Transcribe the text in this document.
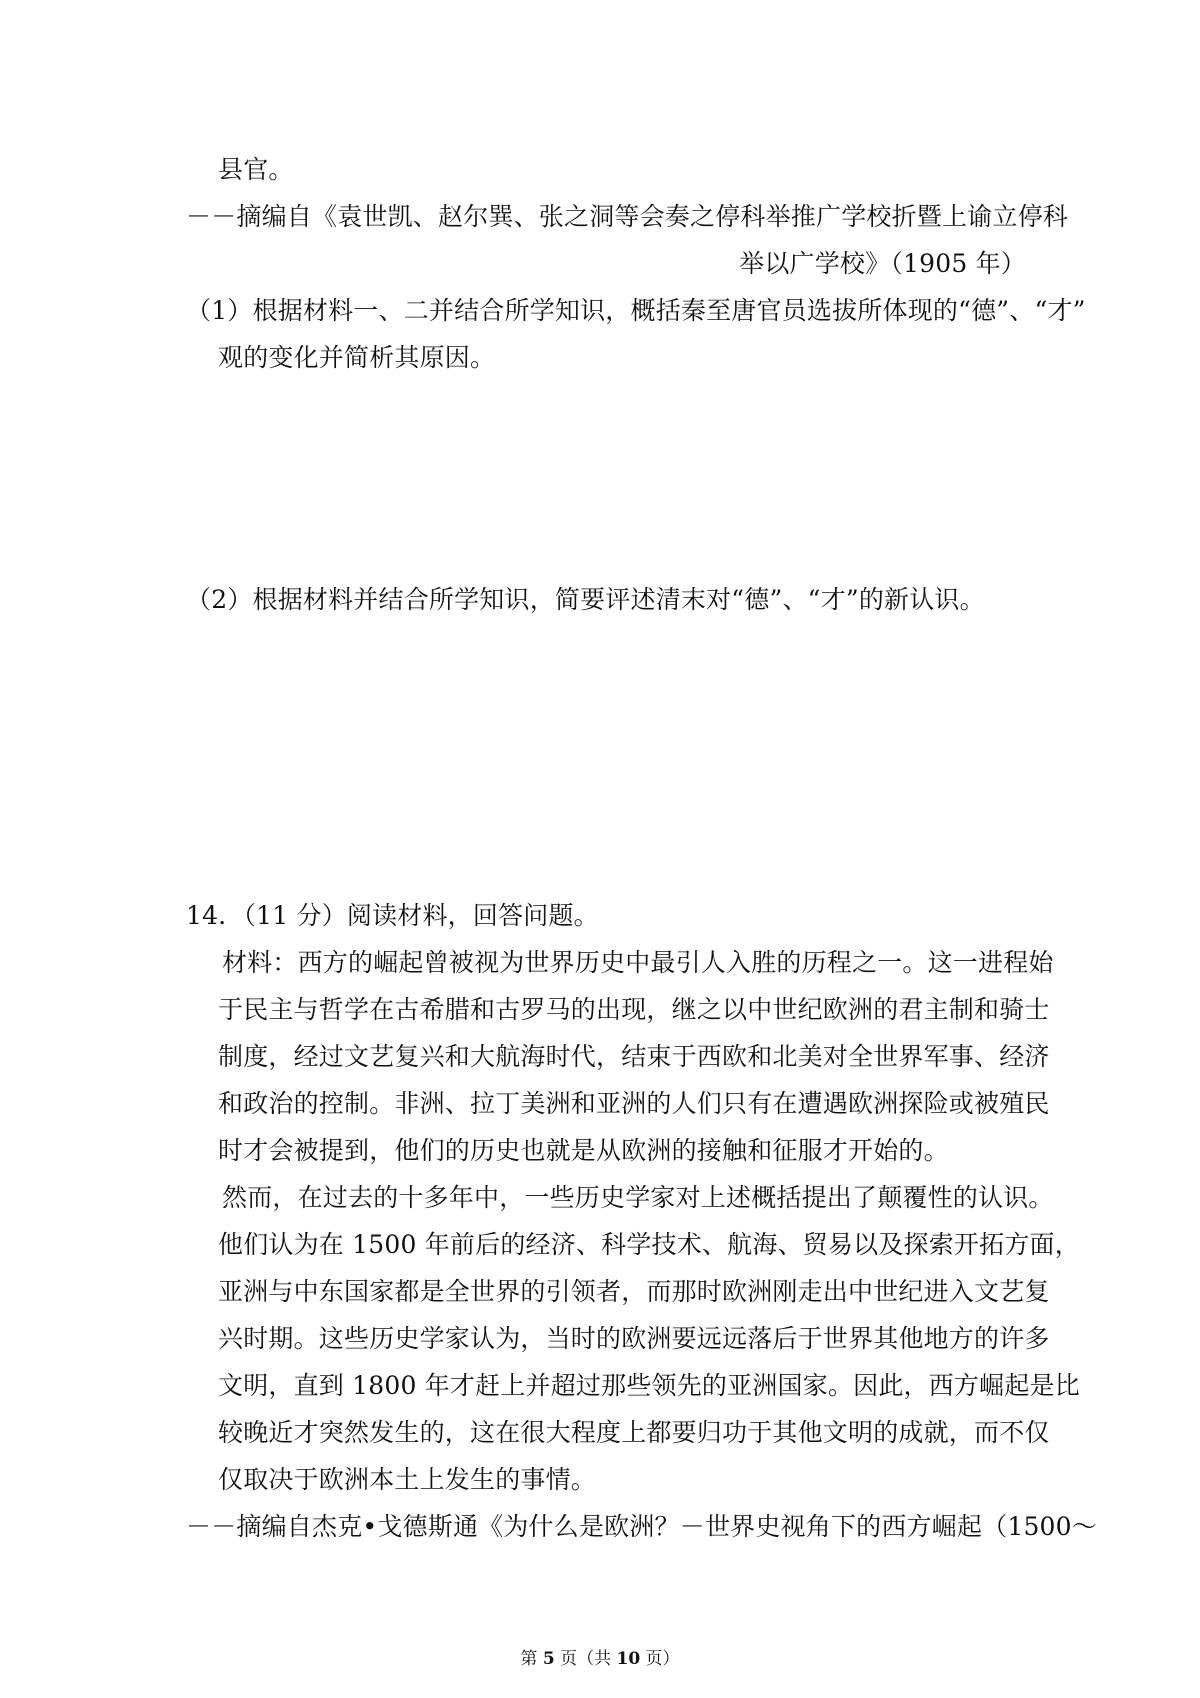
县官。
－－摘编自《袁世凯、赵尔巽、张之洞等会奏之停科举推广学校折暨上谕立停科
举以广学校》（1905 年）
（1）根据材料一、二并结合所学知识，概括秦至唐官员选拔所体现的“德”、“才”
观的变化并简析其原因。
（2）根据材料并结合所学知识，简要评述清末对“德”、“才”的新认识。
14．（11 分）阅读材料，回答问题。
材料：西方的崛起曾被视为世界历史中最引人入胜的历程之一。这一进程始
于民主与哲学在古希腊和古罗马的出现，继之以中世纪欧洲的君主制和骑士
制度，经过文艺复兴和大航海时代，结束于西欧和北美对全世界军事、经济
和政治的控制。非洲、拉丁美洲和亚洲的人们只有在遭遇欧洲探险或被殖民
时才会被提到，他们的历史也就是从欧洲的接触和征服才开始的。
然而，在过去的十多年中，一些历史学家对上述概括提出了颠覆性的认识。
他们认为在 1500 年前后的经济、科学技术、航海、贸易以及探索开拓方面，
亚洲与中东国家都是全世界的引领者，而那时欧洲刚走出中世纪进入文艺复
兴时期。这些历史学家认为，当时的欧洲要远远落后于世界其他地方的许多
文明，直到 1800 年才赶上并超过那些领先的亚洲国家。因此，西方崛起是比
较晚近才突然发生的，这在很大程度上都要归功于其他文明的成就，而不仅
仅取决于欧洲本土上发生的事情。
－－摘编自杰克•戈德斯通《为什么是欧洲？－世界史视角下的西方崛起（1500～
第 5 页（共 10 页）
